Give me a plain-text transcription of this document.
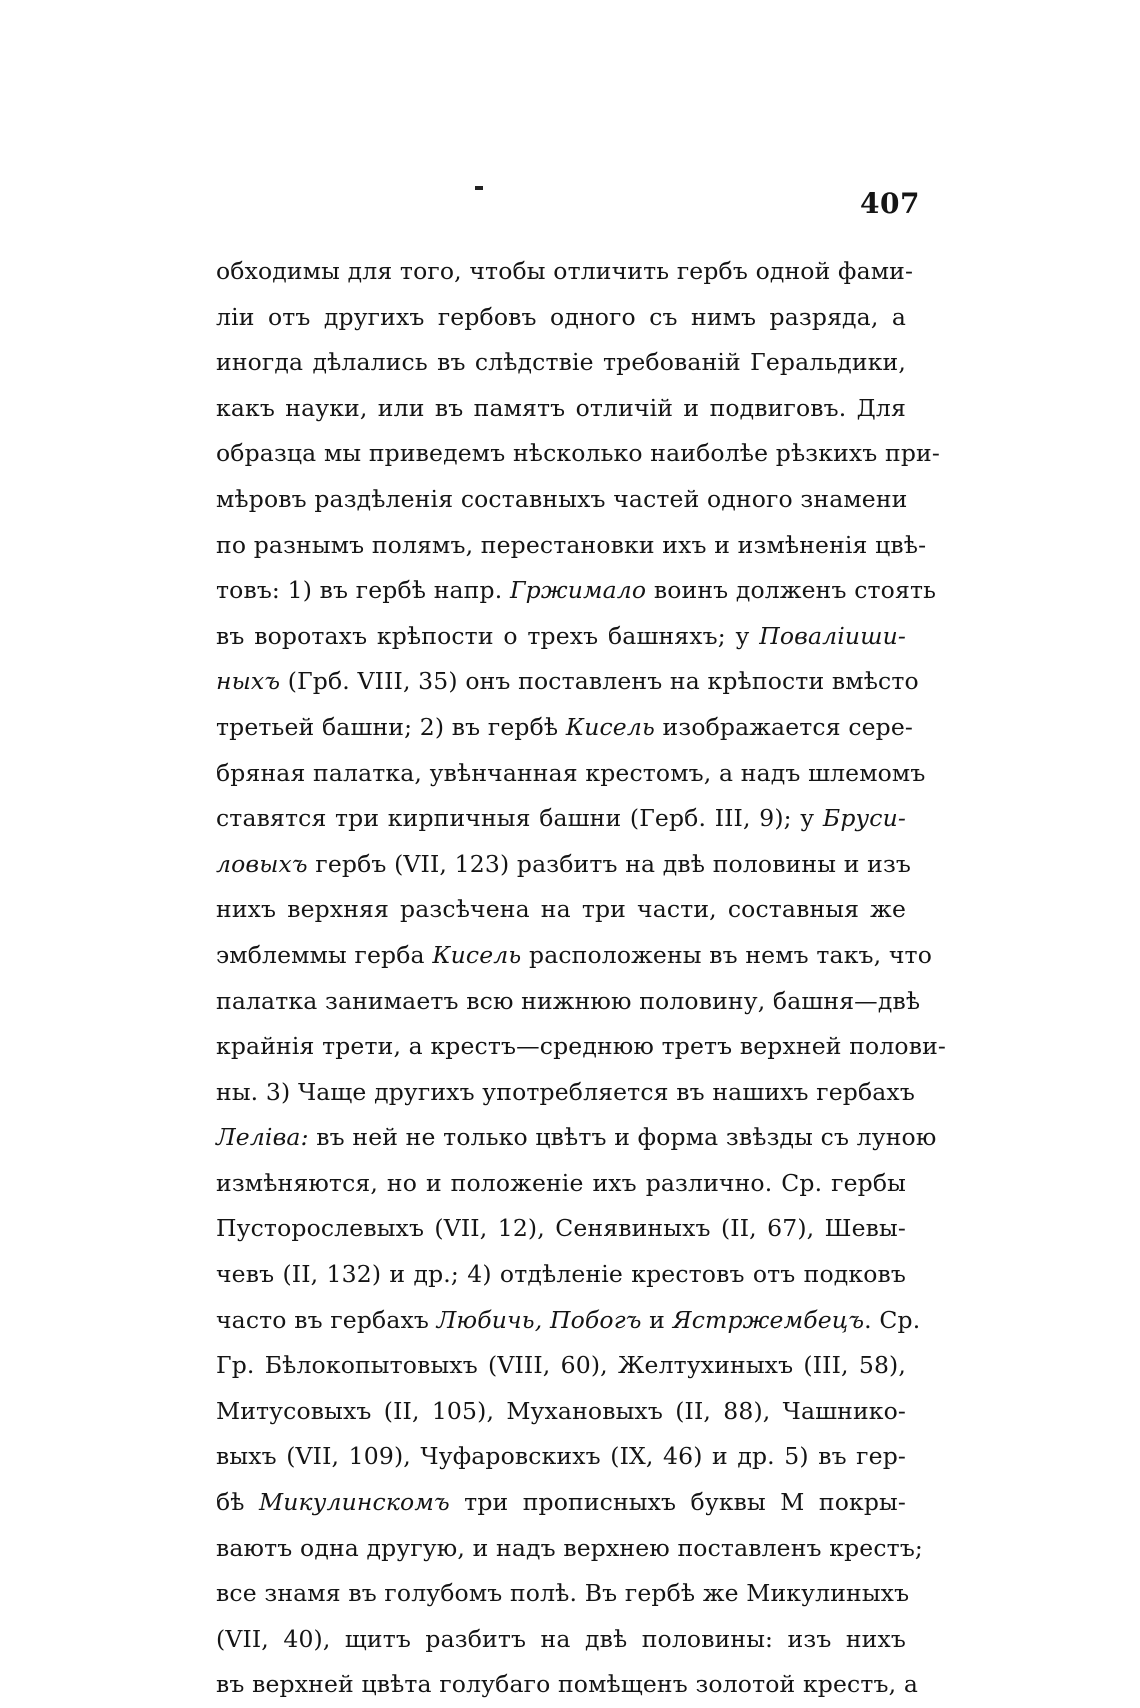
407
обходимы для того, чтобы отличить гербъ одной фами-
ліи отъ другихъ гербовъ одного съ нимъ разряда, а
иногда дѣлались въ слѣдствіе требованій Геральдики,
какъ науки, или въ памятъ отличій и подвиговъ. Для
образца мы приведемъ нѣсколько наиболѣе рѣзкихъ при-
мѣровъ раздѣленія составныхъ частей одного знамени
по разнымъ полямъ, перестановки ихъ и измѣненія цвѣ-
товъ: 1) въ гербѣ напр. Гржимало воинъ долженъ стоять
въ воротахъ крѣпости о трехъ башняхъ; у Поваліиши-
ныхъ (Грб. VIII, 35) онъ поставленъ на крѣпости вмѣсто
третьей башни; 2) въ гербѣ Кисель изображается сере-
бряная палатка, увѣнчанная крестомъ, а надъ шлемомъ
ставятся три кирпичныя башни (Герб. III, 9); у Бруси-
ловыхъ гербъ (VII, 123) разбитъ на двѣ половины и изъ
нихъ верхняя разсѣчена на три части, составныя же
эмблеммы герба Кисель расположены въ немъ такъ, что
палатка занимаетъ всю нижнюю половину, башня—двѣ
крайнія трети, а крестъ—среднюю третъ верхней полови-
ны. 3) Чаще другихъ употребляется въ нашихъ гербахъ
Леліва: въ ней не только цвѣтъ и форма звѣзды съ луною
измѣняются, но и положеніе ихъ различно. Ср. гербы
Пусторослевыхъ (VII, 12), Сенявиныхъ (II, 67), Шевы-
чевъ (II, 132) и др.; 4) отдѣленіе крестовъ отъ подковъ
часто въ гербахъ Любичь, Побогъ и Ястржембецъ. Ср.
Гр. Бѣлокопытовыхъ (VIII, 60), Желтухиныхъ (III, 58),
Митусовыхъ (II, 105), Мухановыхъ (II, 88), Чашнико-
выхъ (VII, 109), Чуфаровскихъ (IX, 46) и др. 5) въ гер-
бѣ Микулинскомъ три прописныхъ буквы М покры-
ваютъ одна другую, и надъ верхнею поставленъ крестъ;
все знамя въ голубомъ полѣ. Въ гербѣ же Микулиныхъ
(VII, 40), щитъ разбитъ на двѣ половины: изъ нихъ
въ верхней цвѣта голубаго помѣщенъ золотой крестъ, а
